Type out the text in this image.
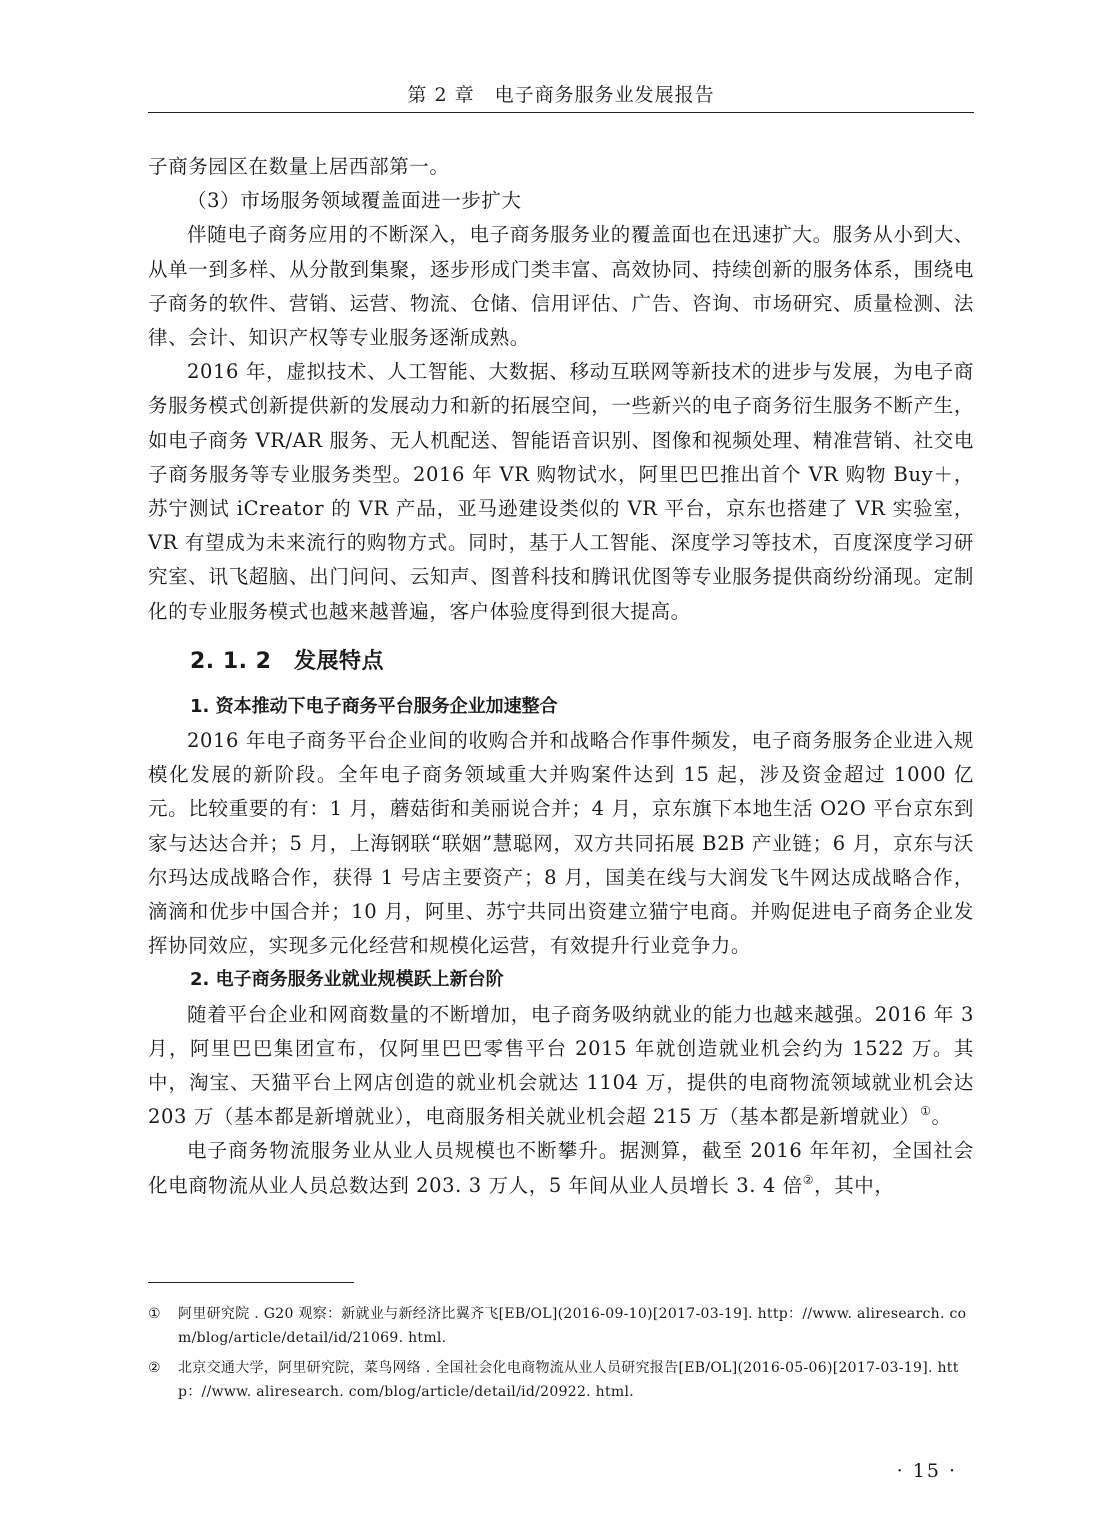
第 2 章　电子商务服务业发展报告

子商务园区在数量上居西部第一。

（3）市场服务领域覆盖面进一步扩大

伴随电子商务应用的不断深入，电子商务服务业的覆盖面也在迅速扩大。服务从小到大、从单一到多样、从分散到集聚，逐步形成门类丰富、高效协同、持续创新的服务体系，围绕电子商务的软件、营销、运营、物流、仓储、信用评估、广告、咨询、市场研究、质量检测、法律、会计、知识产权等专业服务逐渐成熟。

2016 年，虚拟技术、人工智能、大数据、移动互联网等新技术的进步与发展，为电子商务服务模式创新提供新的发展动力和新的拓展空间，一些新兴的电子商务衍生服务不断产生，如电子商务 VR/AR 服务、无人机配送、智能语音识别、图像和视频处理、精准营销、社交电子商务服务等专业服务类型。2016 年 VR 购物试水，阿里巴巴推出首个 VR 购物 Buy＋，苏宁测试 iCreator 的 VR 产品，亚马逊建设类似的 VR 平台，京东也搭建了 VR 实验室，VR 有望成为未来流行的购物方式。同时，基于人工智能、深度学习等技术，百度深度学习研究室、讯飞超脑、出门问问、云知声、图普科技和腾讯优图等专业服务提供商纷纷涌现。定制化的专业服务模式也越来越普遍，客户体验度得到很大提高。

2. 1. 2　发展特点

1. 资本推动下电子商务平台服务企业加速整合

2016 年电子商务平台企业间的收购合并和战略合作事件频发，电子商务服务企业进入规模化发展的新阶段。全年电子商务领域重大并购案件达到 15 起，涉及资金超过 1000 亿元。比较重要的有：1 月，蘑菇街和美丽说合并；4 月，京东旗下本地生活 O2O 平台京东到家与达达合并；5 月，上海钢联“联姻”慧聪网，双方共同拓展 B2B 产业链；6 月，京东与沃尔玛达成战略合作，获得 1 号店主要资产；8 月，国美在线与大润发飞牛网达成战略合作，滴滴和优步中国合并；10 月，阿里、苏宁共同出资建立猫宁电商。并购促进电子商务企业发挥协同效应，实现多元化经营和规模化运营，有效提升行业竞争力。

2. 电子商务服务业就业规模跃上新台阶

随着平台企业和网商数量的不断增加，电子商务吸纳就业的能力也越来越强。2016 年 3 月，阿里巴巴集团宣布，仅阿里巴巴零售平台 2015 年就创造就业机会约为 1522 万。其中，淘宝、天猫平台上网店创造的就业机会就达 1104 万，提供的电商物流领域就业机会达 203 万（基本都是新增就业），电商服务相关就业机会超 215 万（基本都是新增就业）①。

电子商务物流服务业从业人员规模也不断攀升。据测算，截至 2016 年年初，全国社会化电商物流从业人员总数达到 203. 3 万人，5 年间从业人员增长 3. 4 倍②，其中，

①	阿里研究院 . G20 观察：新就业与新经济比翼齐飞[EB/OL](2016-09-10)[2017-03-19]. http：//www. aliresearch. com/blog/article/detail/id/21069. html.
②	北京交通大学，阿里研究院，菜鸟网络 . 全国社会化电商物流从业人员研究报告[EB/OL](2016-05-06)[2017-03-19]. http：//www. aliresearch. com/blog/article/detail/id/20922. html.
· 15 ·
